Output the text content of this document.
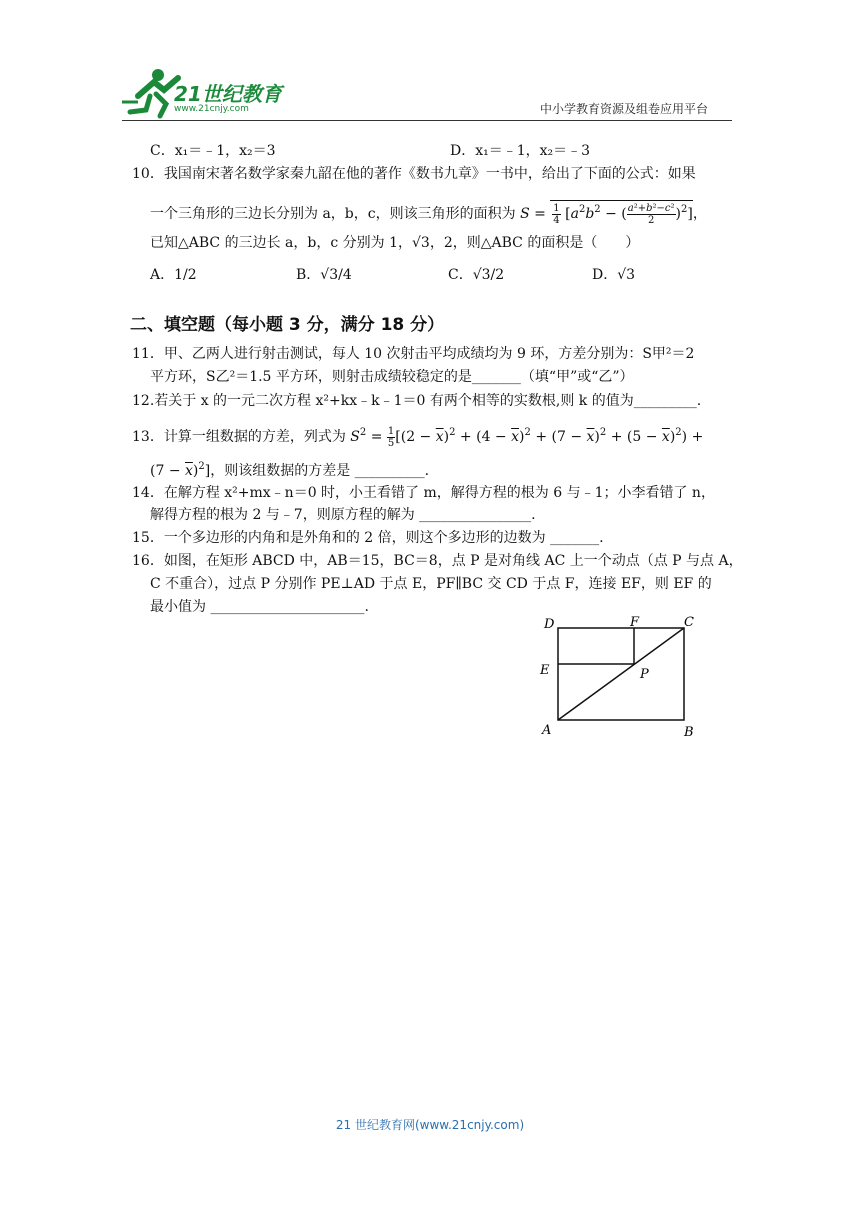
21世纪教育
www.21cnjy.com	中小学教育资源及组卷应用平台
C．x₁＝﹣1，x₂＝3	D．x₁＝﹣1，x₂＝﹣3
10．我国南宋著名数学家秦九韶在他的著作《数书九章》一书中，给出了下面的公式：如果
一个三角形的三边长分别为 a，b，c，则该三角形的面积为 $S = \frac{1}{4} [a^2b^2$ − ( $\frac{\text{a²+b²−c²}}{2} )^2$]，
已知△ABC 的三边长 a，b，c 分别为 1，√3，2，则△ABC 的面积是（　　）
A．1/2	B．√3/4	C．√3/2	D．√3
二、填空题（每小题 3 分，满分 18 分）
11．甲、乙两人进行射击测试，每人 10 次射击平均成绩均为 9 环，方差分别为：S甲²＝2
平方环，S乙²＝1.5 平方环，则射击成绩较稳定的是_______（填“甲”或“乙”）
12.若关于 x 的一元二次方程 x²+kx﹣k﹣1＝0 有两个相等的实数根,则 k 的值为_________.
13．计算一组数据的方差，列式为 $S^2 = \frac{1}{5} [(2 - \overline{x})^2 + (4 - \overline{x})^2 + (7 - \overline{x})^2 + (5 - \overline{x})^2)$ +
$(7 - \overline{x})^2$]，则该组数据的方差是 __________.
14．在解方程 x²+mx﹣n＝0 时，小王看错了 m，解得方程的根为 6 与﹣1；小李看错了 n，
解得方程的根为 2 与﹣7，则原方程的解为 ________________.
15．一个多边形的内角和是外角和的 2 倍，则这个多边形的边数为 _______.
16．如图，在矩形 ABCD 中，AB＝15，BC＝8，点 P 是对角线 AC 上一个动点（点 P 与点 A，
C 不重合），过点 P 分别作 PE⊥AD 于点 E，PF∥BC 交 CD 于点 F，连接 EF，则 EF 的
最小值为 ______________________.
D	F	C
E	P
A	B
21 世纪教育网(www.21cnjy.com)
